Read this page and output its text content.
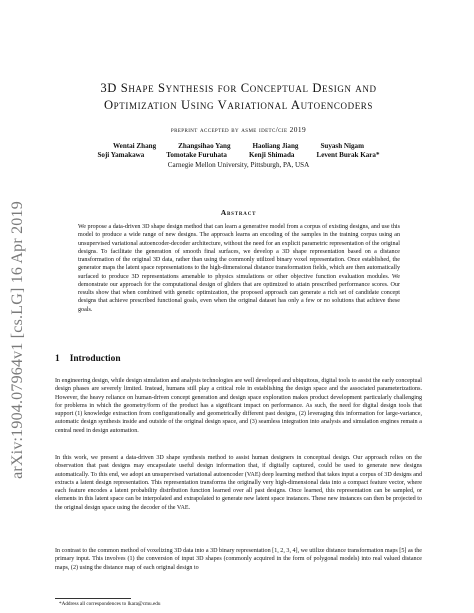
arXiv:1904.07964v1 [cs.LG] 16 Apr 2019
3D Shape Synthesis for Conceptual Design and
Optimization Using Variational Autoencoders
preprint accepted by asme idetc/cie 2019
Wentai Zhang	Zhangsihao Yang	Haoliang Jiang	Suyash Nigam
Soji Yamakawa	Tomotake Furuhata	Kenji Shimada	Levent Burak Kara*
Carnegie Mellon University, Pittsburgh, PA, USA
Abstract

We propose a data-driven 3D shape design method that can learn a generative model from a corpus of existing designs, and use this model to produce a wide range of new designs. The approach learns an encoding of the samples in the training corpus using an unsupervised variational autoencoder-decoder architecture, without the need for an explicit parametric representation of the original designs. To facilitate the generation of smooth final surfaces, we develop a 3D shape representation based on a distance transformation of the original 3D data, rather than using the commonly utilized binary voxel representation. Once established, the generator maps the latent space representations to the high-dimensional distance transformation fields, which are then automatically surfaced to produce 3D representations amenable to physics simulations or other objective function evaluation modules. We demonstrate our approach for the computational design of gliders that are optimized to attain prescribed performance scores. Our results show that when combined with genetic optimization, the proposed approach can generate a rich set of candidate concept designs that achieve prescribed functional goals, even when the original dataset has only a few or no solutions that achieve these goals.

1 Introduction

In engineering design, while design simulation and analysis technologies are well developed and ubiquitous, digital tools to assist the early conceptual design phases are severely limited. Instead, humans still play a critical role in establishing the design space and the associated parameterizations. However, the heavy reliance on human-driven concept generation and design space exploration makes product development particularly challenging for problems in which the geometry/form of the product has a significant impact on performance. As such, the need for digital design tools that support (1) knowledge extraction from configurationally and geometrically different past designs, (2) leveraging this information for large-variance, automatic design synthesis inside and outside of the original design space, and (3) seamless integration into analysis and simulation engines remain a central need in design automation.

In this work, we present a data-driven 3D shape synthesis method to assist human designers in conceptual design. Our approach relies on the observation that past designs may encapsulate useful design information that, if digitally captured, could be used to generate new designs automatically. To this end, we adopt an unsupervised variational autoencoder (VAE) deep learning method that takes input a corpus of 3D designs and extracts a latent design representation. This representation transforms the originally very high-dimensional data into a compact feature vector, where each feature encodes a latent probability distribution function learned over all past designs. Once learned, this representation can be sampled, or elements in this latent space can be interpolated and extrapolated to generate new latent space instances. These new instances can then be projected to the original design space using the decoder of the VAE.

In contrast to the common method of voxelizing 3D data into a 3D binary representation [1, 2, 3, 4], we utilize distance transformation maps [5] as the primary input. This involves (1) the conversion of input 3D shapes (commonly acquired in the form of polygonal models) into real valued distance maps, (2) using the distance map of each original design to

*Address all correspondences to lkara@cmu.edu
